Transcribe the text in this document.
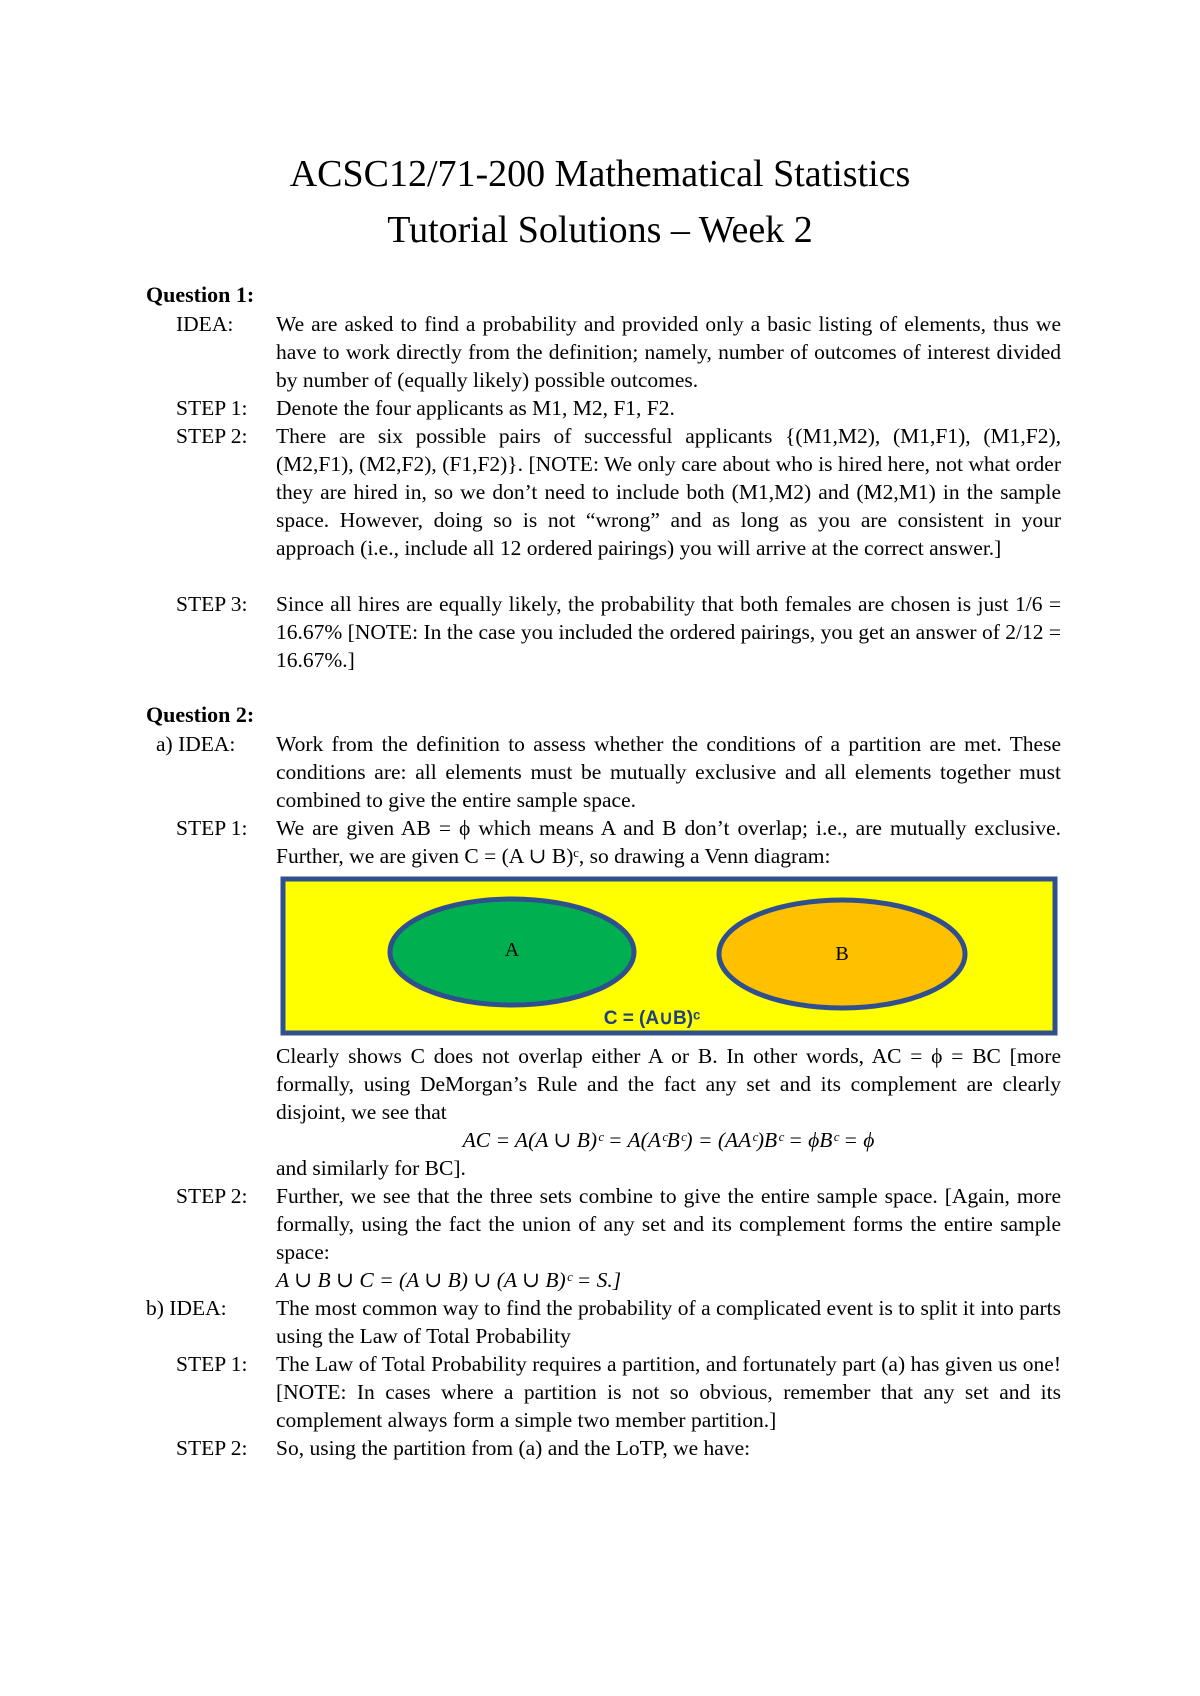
ACSC12/71-200 Mathematical Statistics
Tutorial Solutions – Week 2
Question 1:
IDEA: We are asked to find a probability and provided only a basic listing of elements, thus we have to work directly from the definition; namely, number of outcomes of interest divided by number of (equally likely) possible outcomes.
STEP 1: Denote the four applicants as M1, M2, F1, F2.
STEP 2: There are six possible pairs of successful applicants {(M1,M2), (M1,F1), (M1,F2), (M2,F1), (M2,F2), (F1,F2)}. [NOTE: We only care about who is hired here, not what order they are hired in, so we don’t need to include both (M1,M2) and (M2,M1) in the sample space. However, doing so is not “wrong” and as long as you are consistent in your approach (i.e., include all 12 ordered pairings) you will arrive at the correct answer.]
STEP 3: Since all hires are equally likely, the probability that both females are chosen is just 1/6 = 16.67% [NOTE: In the case you included the ordered pairings, you get an answer of 2/12 = 16.67%.]
Question 2:
a) IDEA: Work from the definition to assess whether the conditions of a partition are met. These conditions are: all elements must be mutually exclusive and all elements together must combined to give the entire sample space.
STEP 1: We are given AB = ϕ which means A and B don’t overlap; i.e., are mutually exclusive. Further, we are given C = (A ∪ B)ᶜ, so drawing a Venn diagram:
A	B
C = (A∪B)ᶜ
Clearly shows C does not overlap either A or B. In other words, AC = ϕ = BC [more formally, using DeMorgan’s Rule and the fact any set and its complement are clearly disjoint, we see that
AC = A(A ∪ B)ᶜ = A(AᶜBᶜ) = (AAᶜ)Bᶜ = ϕBᶜ = ϕ
and similarly for BC].
STEP 2: Further, we see that the three sets combine to give the entire sample space. [Again, more formally, using the fact the union of any set and its complement forms the entire sample space:
A ∪ B ∪ C = (A ∪ B) ∪ (A ∪ B)ᶜ = S.]
b) IDEA: The most common way to find the probability of a complicated event is to split it into parts using the Law of Total Probability
STEP 1: The Law of Total Probability requires a partition, and fortunately part (a) has given us one! [NOTE: In cases where a partition is not so obvious, remember that any set and its complement always form a simple two member partition.]
STEP 2: So, using the partition from (a) and the LoTP, we have:
